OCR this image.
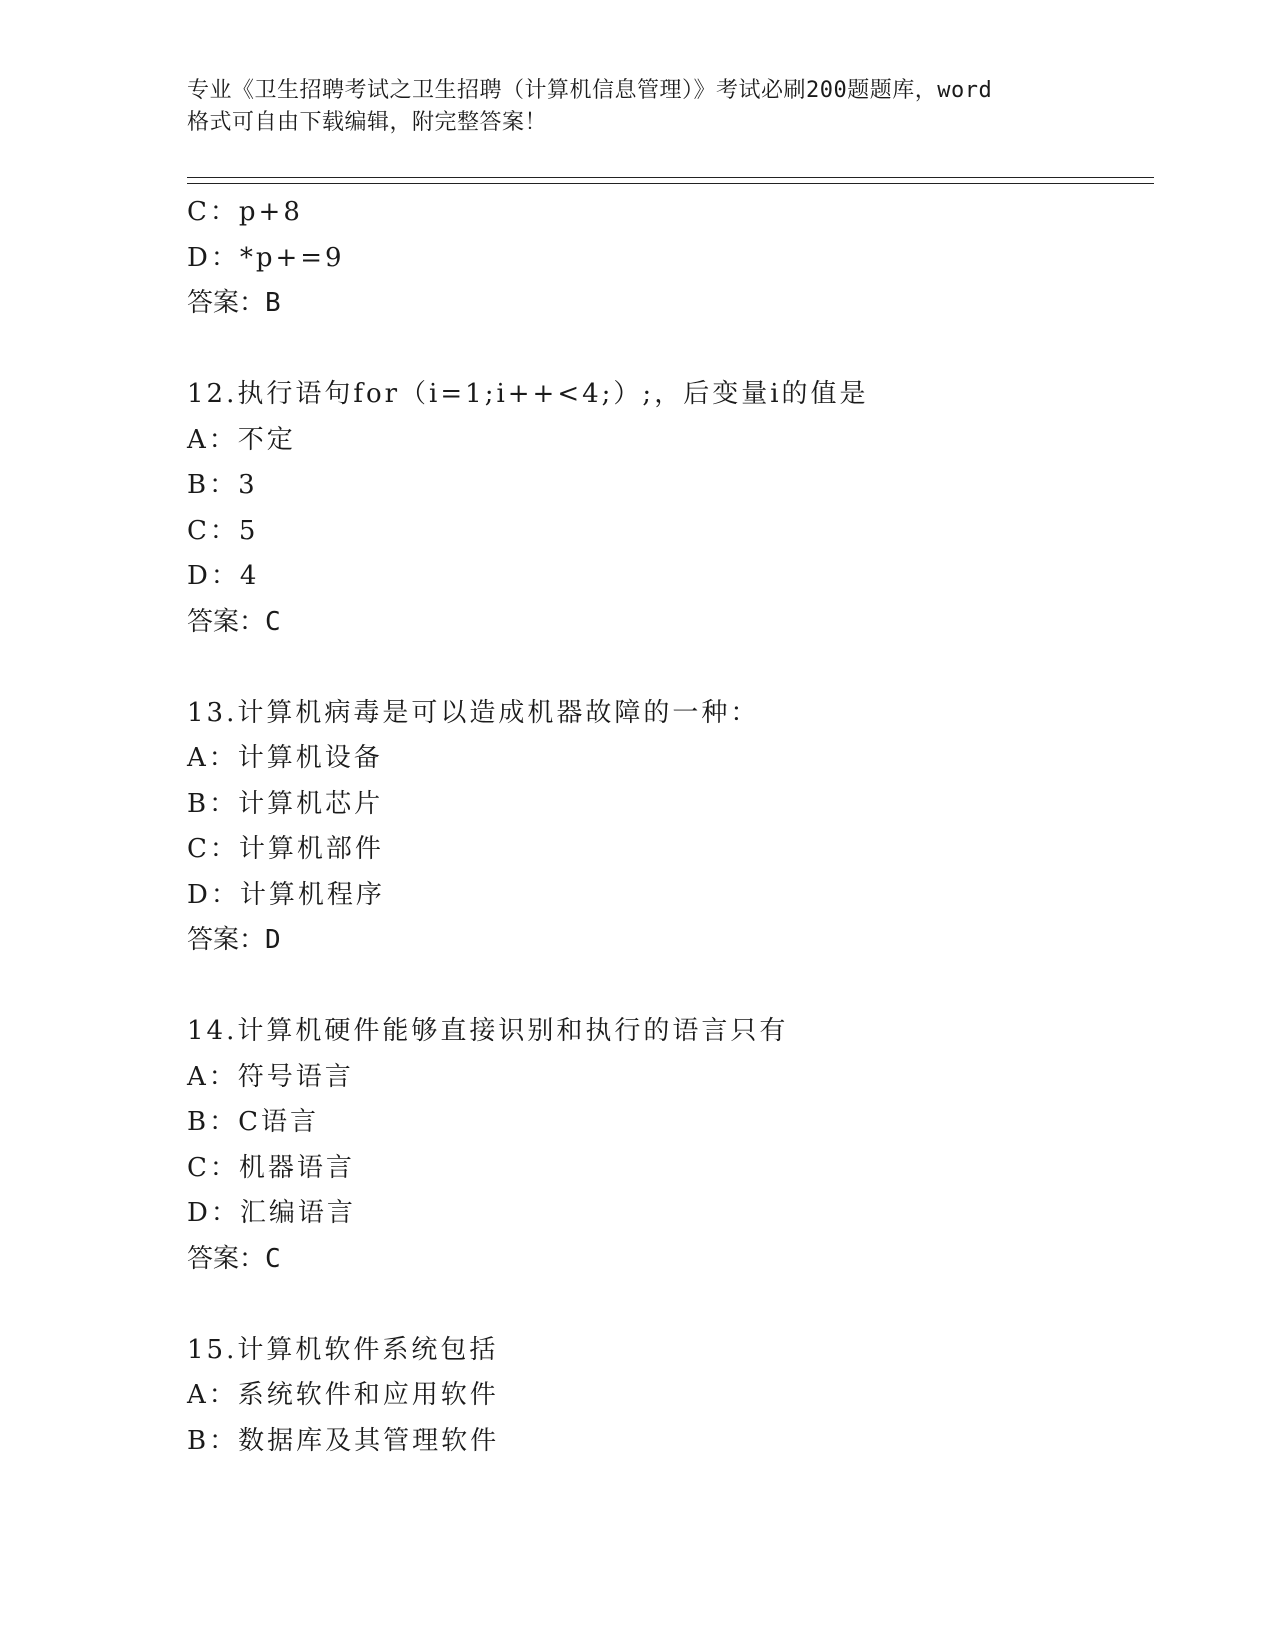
专业《卫生招聘考试之卫生招聘（计算机信息管理）》考试必刷200题题库，word
格式可自由下载编辑，附完整答案！
C：p+8
D：*p+=9
答案：B
12.执行语句for（i=1;i++<4;）;，后变量i的值是
A：不定
B：3
C：5
D：4
答案：C
13.计算机病毒是可以造成机器故障的一种：
A：计算机设备
B：计算机芯片
C：计算机部件
D：计算机程序
答案：D
14.计算机硬件能够直接识别和执行的语言只有
A：符号语言
B：C语言
C：机器语言
D：汇编语言
答案：C
15.计算机软件系统包括
A：系统软件和应用软件
B：数据库及其管理软件
